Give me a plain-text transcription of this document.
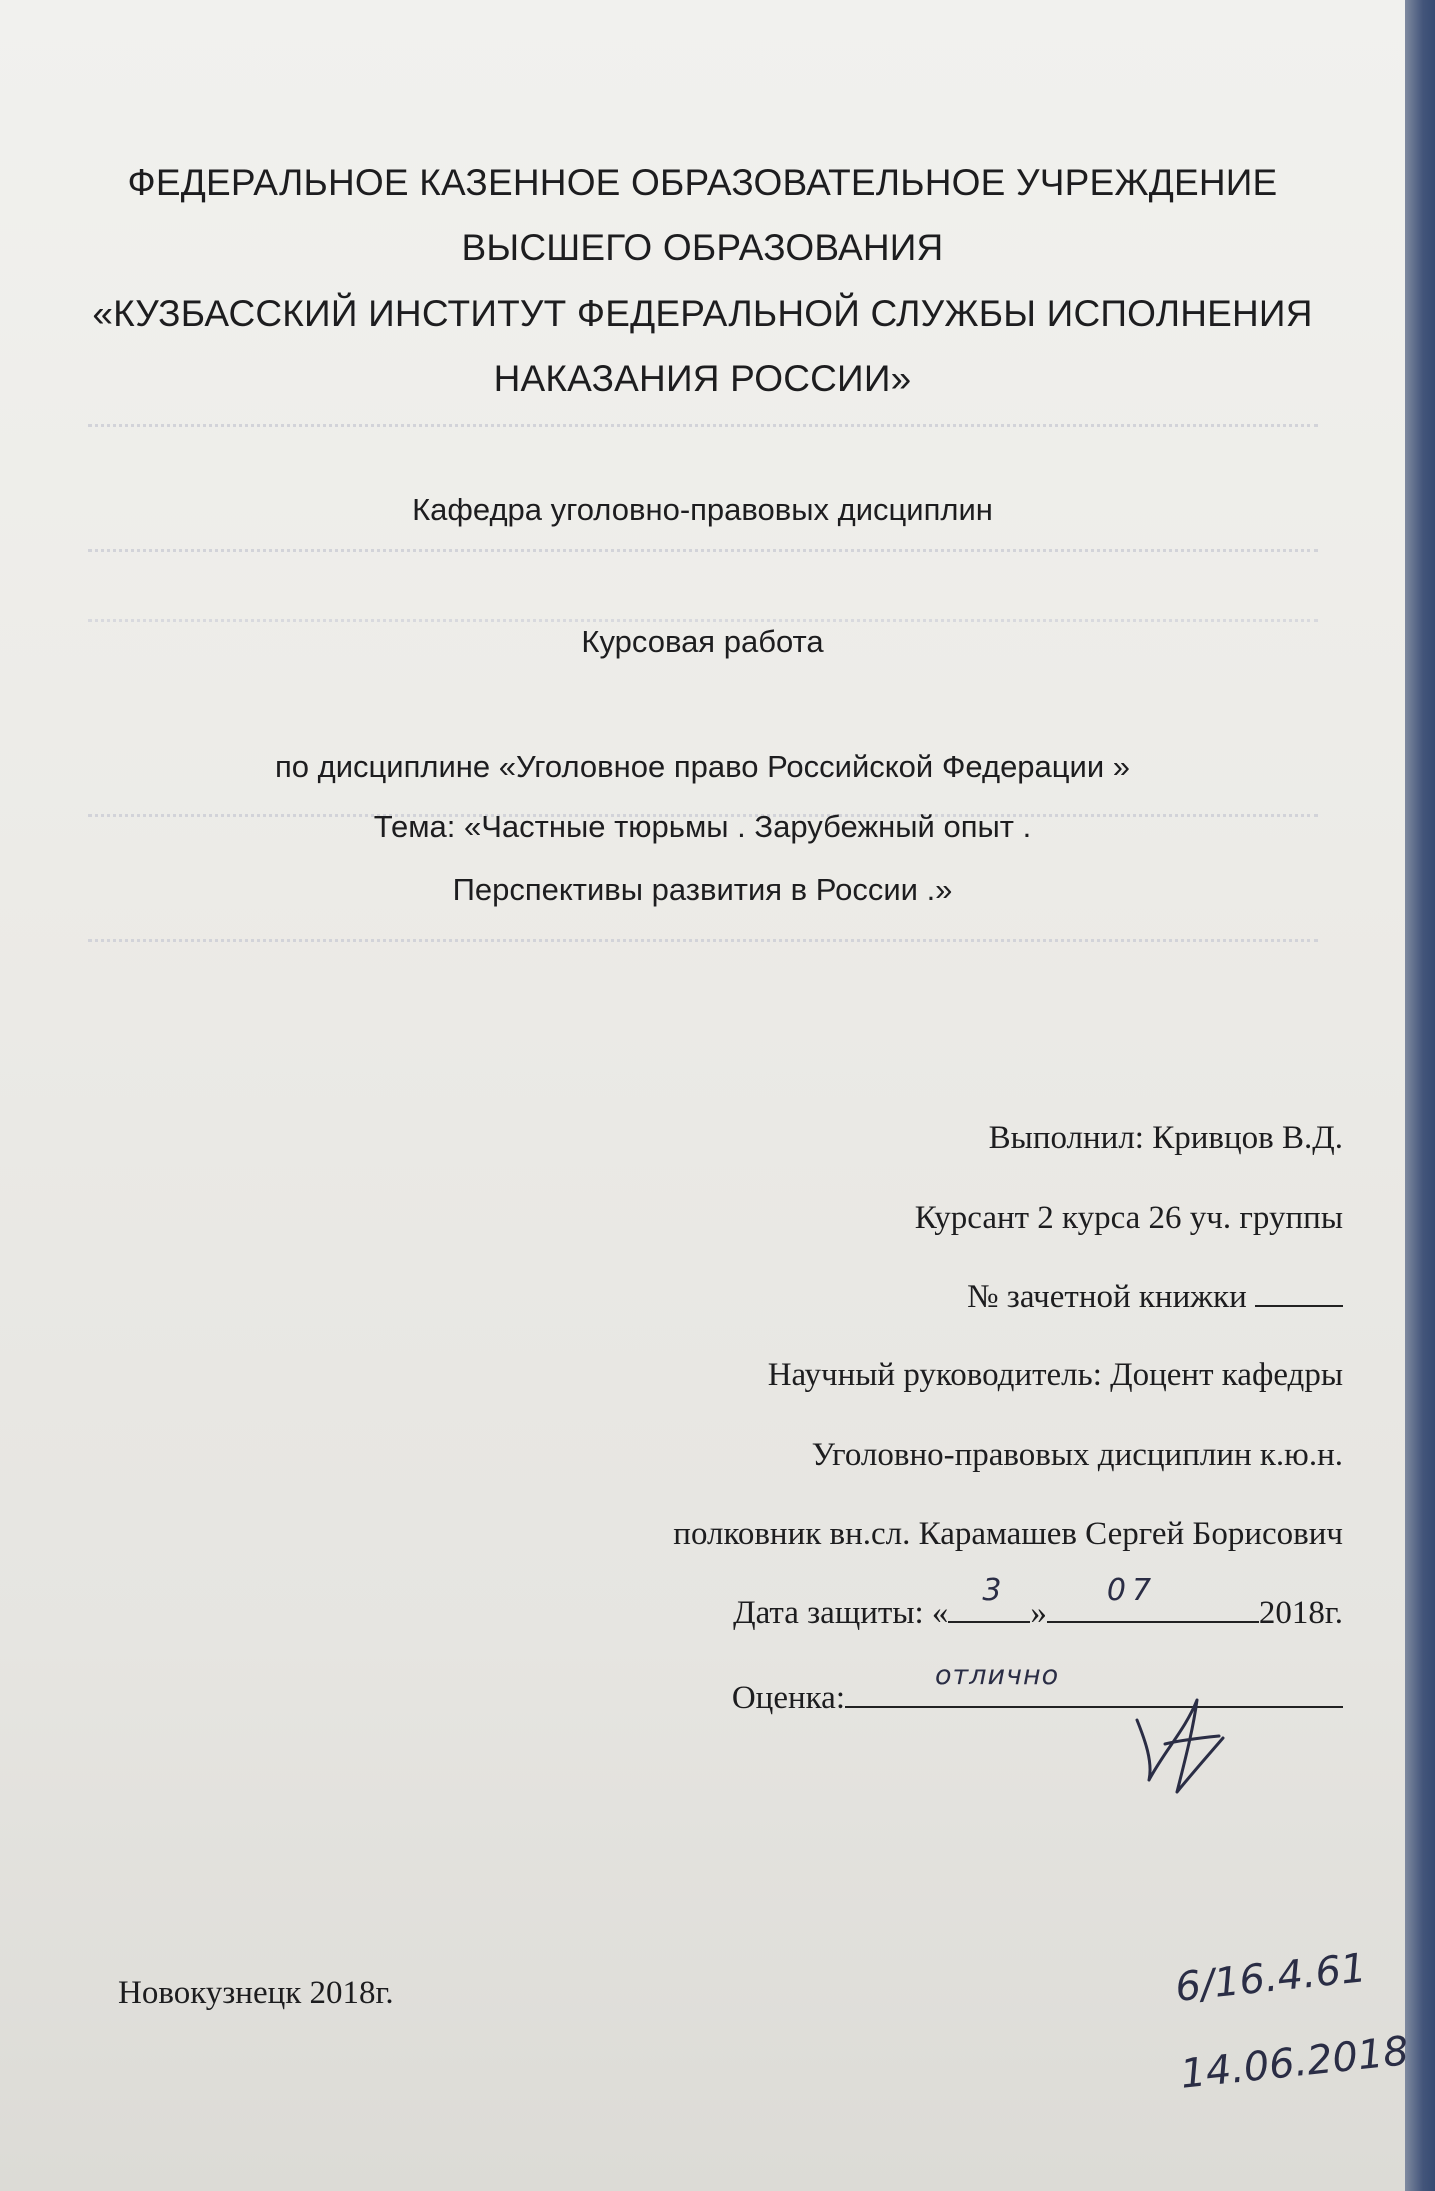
ФЕДЕРАЛЬНОЕ КАЗЕННОЕ ОБРАЗОВАТЕЛЬНОЕ УЧРЕЖДЕНИЕ
ВЫСШЕГО ОБРАЗОВАНИЯ
«КУЗБАССКИЙ ИНСТИТУТ ФЕДЕРАЛЬНОЙ СЛУЖБЫ ИСПОЛНЕНИЯ
НАКАЗАНИЯ РОССИИ»
Кафедра уголовно-правовых дисциплин
Курсовая работа
по дисциплине «Уголовное право Российской Федерации »
Тема: «Частные тюрьмы . Зарубежный опыт .
Перспективы развития в России .»
Выполнил: Кривцов В.Д.
Курсант 2 курса 26 уч. группы
№ зачетной книжки
Научный руководитель: Доцент кафедры
Уголовно-правовых дисциплин к.ю.н.
полковник вн.сл. Карамашев Сергей Борисович
Дата защиты: «
3
»
07
2018г.
Оценка:
отлично
Новокузнецк 2018г.	6/16.4.61
14.06.2018
